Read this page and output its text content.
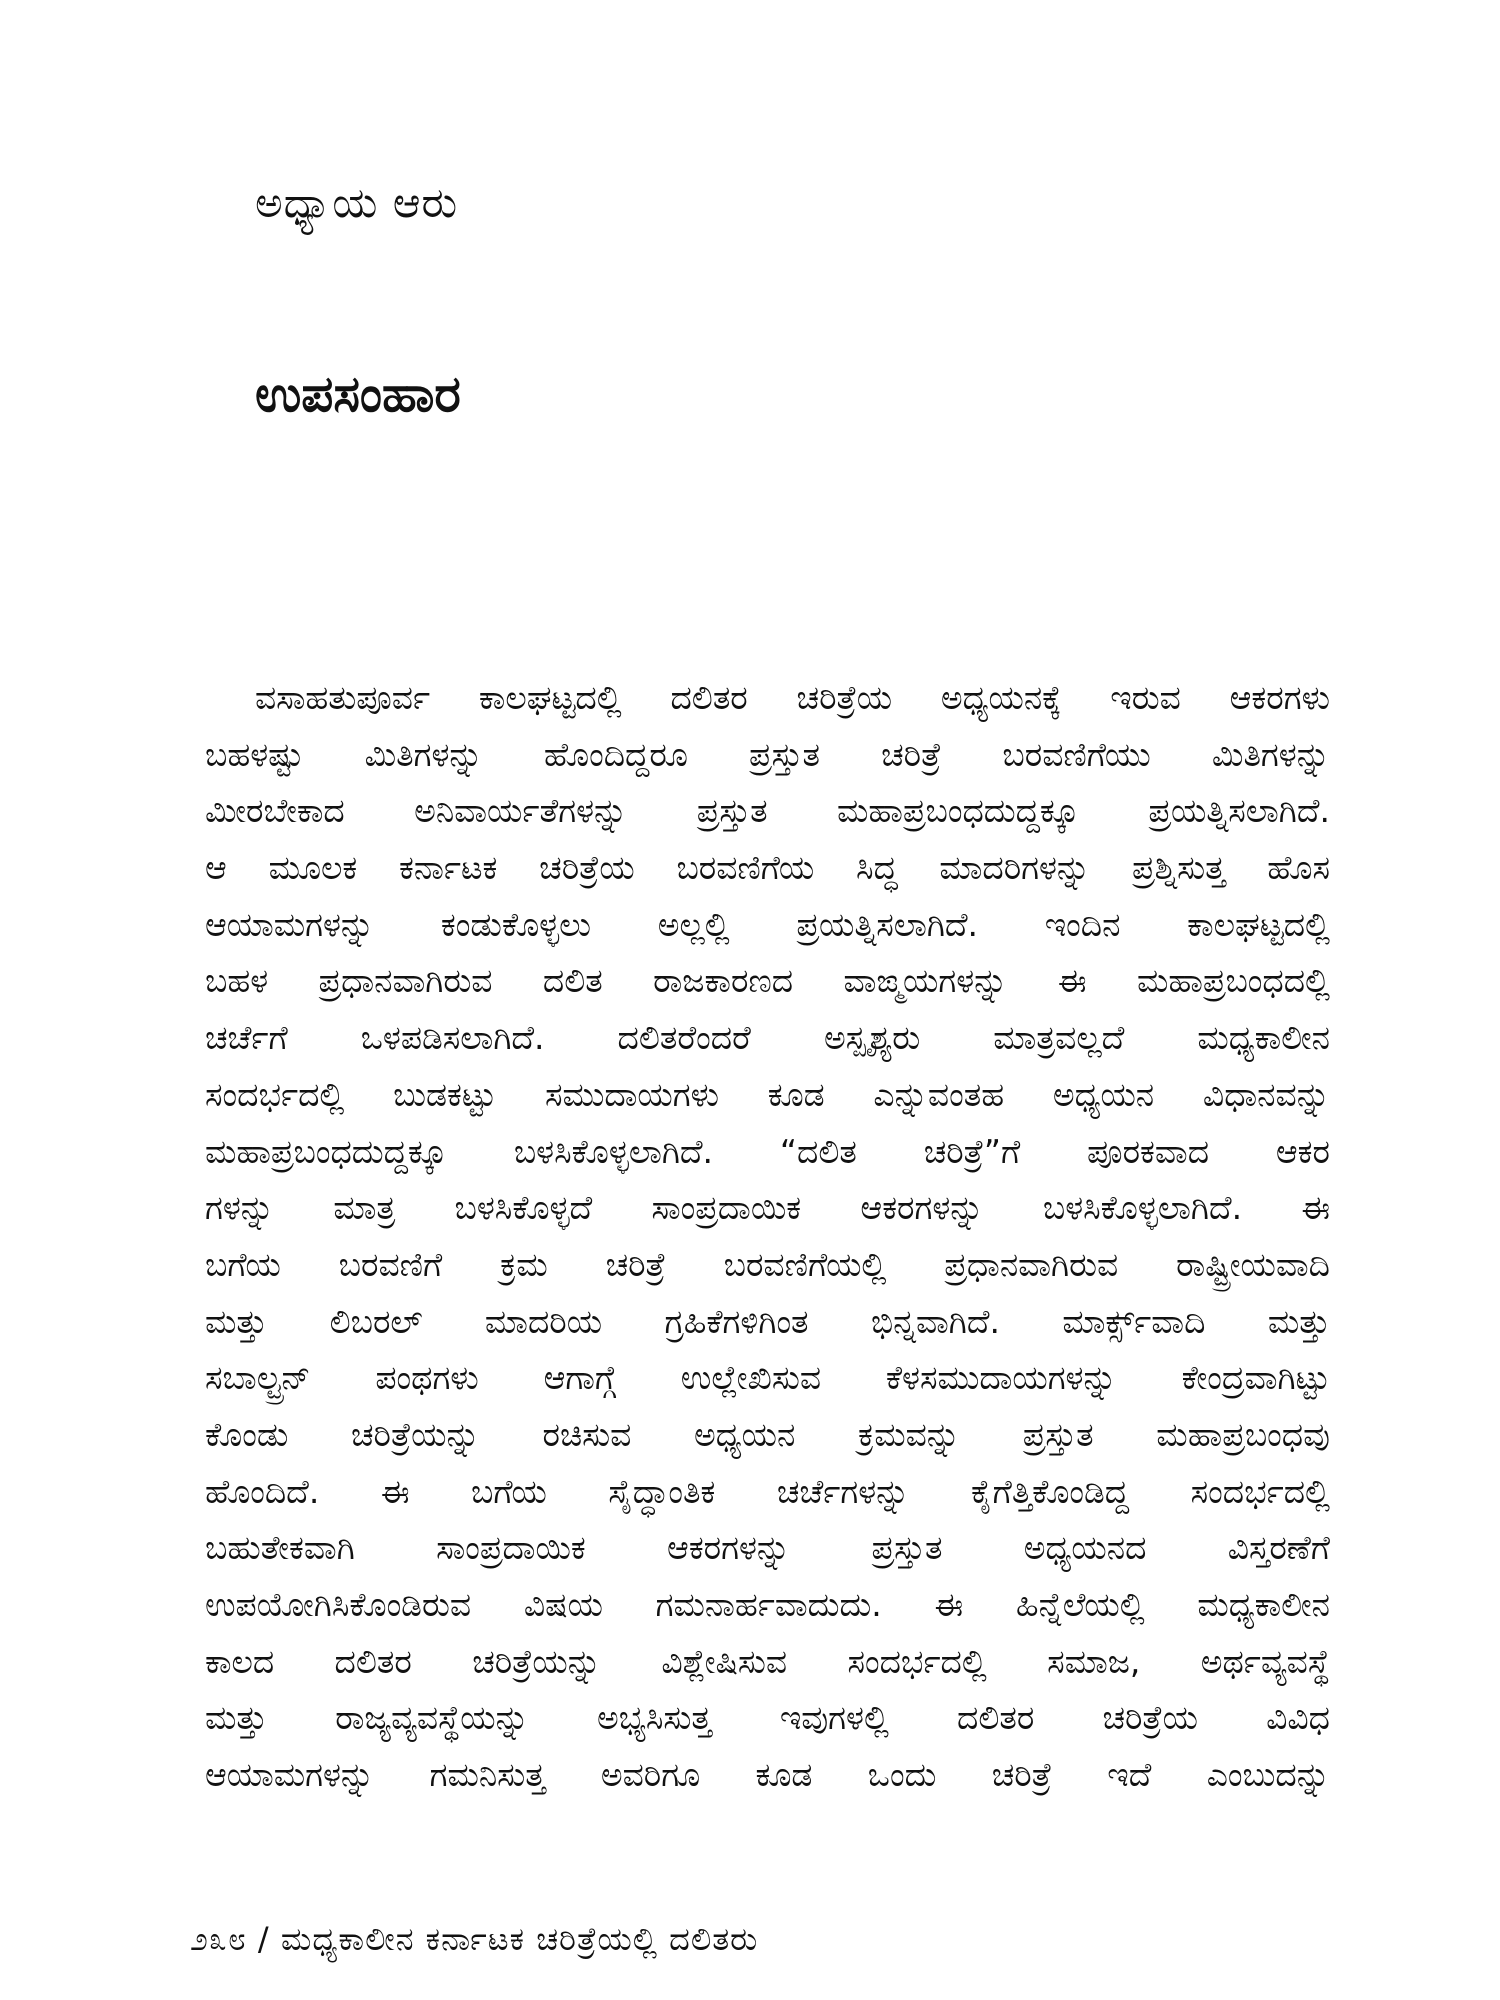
ಅಧ್ಯಾಯ ಆರು
ಉಪಸಂಹಾರ
ವಸಾಹತುಪೂರ್ವ ಕಾಲಘಟ್ಟದಲ್ಲಿ ದಲಿತರ ಚರಿತ್ರೆಯ ಅಧ್ಯಯನಕ್ಕೆ ಇರುವ ಆಕರಗಳು
ಬಹಳಷ್ಟು ಮಿತಿಗಳನ್ನು ಹೊಂದಿದ್ದರೂ ಪ್ರಸ್ತುತ ಚರಿತ್ರೆ ಬರವಣಿಗೆಯು ಮಿತಿಗಳನ್ನು
ಮೀರಬೇಕಾದ ಅನಿವಾರ್ಯತೆಗಳನ್ನು ಪ್ರಸ್ತುತ ಮಹಾಪ್ರಬಂಧದುದ್ದಕ್ಕೂ ಪ್ರಯತ್ನಿಸಲಾಗಿದೆ.
ಆ ಮೂಲಕ ಕರ್ನಾಟಕ ಚರಿತ್ರೆಯ ಬರವಣಿಗೆಯ ಸಿದ್ಧ ಮಾದರಿಗಳನ್ನು ಪ್ರಶ್ನಿಸುತ್ತ ಹೊಸ
ಆಯಾಮಗಳನ್ನು ಕಂಡುಕೊಳ್ಳಲು ಅಲ್ಲಲ್ಲಿ ಪ್ರಯತ್ನಿಸಲಾಗಿದೆ. ಇಂದಿನ ಕಾಲಘಟ್ಟದಲ್ಲಿ
ಬಹಳ ಪ್ರಧಾನವಾಗಿರುವ ದಲಿತ ರಾಜಕಾರಣದ ವಾಙ್ಮಯಗಳನ್ನು ಈ ಮಹಾಪ್ರಬಂಧದಲ್ಲಿ
ಚರ್ಚೆಗೆ ಒಳಪಡಿಸಲಾಗಿದೆ. ದಲಿತರೆಂದರೆ ಅಸ್ಪೃಶ್ಯರು ಮಾತ್ರವಲ್ಲದೆ ಮಧ್ಯಕಾಲೀನ
ಸಂದರ್ಭದಲ್ಲಿ ಬುಡಕಟ್ಟು ಸಮುದಾಯಗಳು ಕೂಡ ಎನ್ನುವಂತಹ ಅಧ್ಯಯನ ವಿಧಾನವನ್ನು
ಮಹಾಪ್ರಬಂಧದುದ್ದಕ್ಕೂ ಬಳಸಿಕೊಳ್ಳಲಾಗಿದೆ. “ದಲಿತ ಚರಿತ್ರೆ”ಗೆ ಪೂರಕವಾದ ಆಕರ
ಗಳನ್ನು ಮಾತ್ರ ಬಳಸಿಕೊಳ್ಳದೆ ಸಾಂಪ್ರದಾಯಿಕ ಆಕರಗಳನ್ನು ಬಳಸಿಕೊಳ್ಳಲಾಗಿದೆ. ಈ
ಬಗೆಯ ಬರವಣಿಗೆ ಕ್ರಮ ಚರಿತ್ರೆ ಬರವಣಿಗೆಯಲ್ಲಿ ಪ್ರಧಾನವಾಗಿರುವ ರಾಷ್ಟ್ರೀಯವಾದಿ
ಮತ್ತು ಲಿಬರಲ್ ಮಾದರಿಯ ಗ್ರಹಿಕೆಗಳಿಗಿಂತ ಭಿನ್ನವಾಗಿದೆ. ಮಾರ್ಕ್ಸ್‌ವಾದಿ ಮತ್ತು
ಸಬಾಲ್ಟ್ರನ್ ಪಂಥಗಳು ಆಗಾಗ್ಗೆ ಉಲ್ಲೇಖಿಸುವ ಕೆಳಸಮುದಾಯಗಳನ್ನು ಕೇಂದ್ರವಾಗಿಟ್ಟು
ಕೊಂಡು ಚರಿತ್ರೆಯನ್ನು ರಚಿಸುವ ಅಧ್ಯಯನ ಕ್ರಮವನ್ನು ಪ್ರಸ್ತುತ ಮಹಾಪ್ರಬಂಧವು
ಹೊಂದಿದೆ. ಈ ಬಗೆಯ ಸೈದ್ಧಾಂತಿಕ ಚರ್ಚೆಗಳನ್ನು ಕೈಗೆತ್ತಿಕೊಂಡಿದ್ದ ಸಂದರ್ಭದಲ್ಲಿ
ಬಹುತೇಕವಾಗಿ ಸಾಂಪ್ರದಾಯಿಕ ಆಕರಗಳನ್ನು ಪ್ರಸ್ತುತ ಅಧ್ಯಯನದ ವಿಸ್ತರಣೆಗೆ
ಉಪಯೋಗಿಸಿಕೊಂಡಿರುವ ವಿಷಯ ಗಮನಾರ್ಹವಾದುದು. ಈ ಹಿನ್ನೆಲೆಯಲ್ಲಿ ಮಧ್ಯಕಾಲೀನ
ಕಾಲದ ದಲಿತರ ಚರಿತ್ರೆಯನ್ನು ವಿಶ್ಲೇಷಿಸುವ ಸಂದರ್ಭದಲ್ಲಿ ಸಮಾಜ, ಅರ್ಥವ್ಯವಸ್ಥೆ
ಮತ್ತು ರಾಜ್ಯವ್ಯವಸ್ಥೆಯನ್ನು ಅಭ್ಯಸಿಸುತ್ತ ಇವುಗಳಲ್ಲಿ ದಲಿತರ ಚರಿತ್ರೆಯ ವಿವಿಧ
ಆಯಾಮಗಳನ್ನು ಗಮನಿಸುತ್ತ ಅವರಿಗೂ ಕೂಡ ಒಂದು ಚರಿತ್ರೆ ಇದೆ ಎಂಬುದನ್ನು
೨೩೮ / ಮಧ್ಯಕಾಲೀನ ಕರ್ನಾಟಕ ಚರಿತ್ರೆಯಲ್ಲಿ ದಲಿತರು
